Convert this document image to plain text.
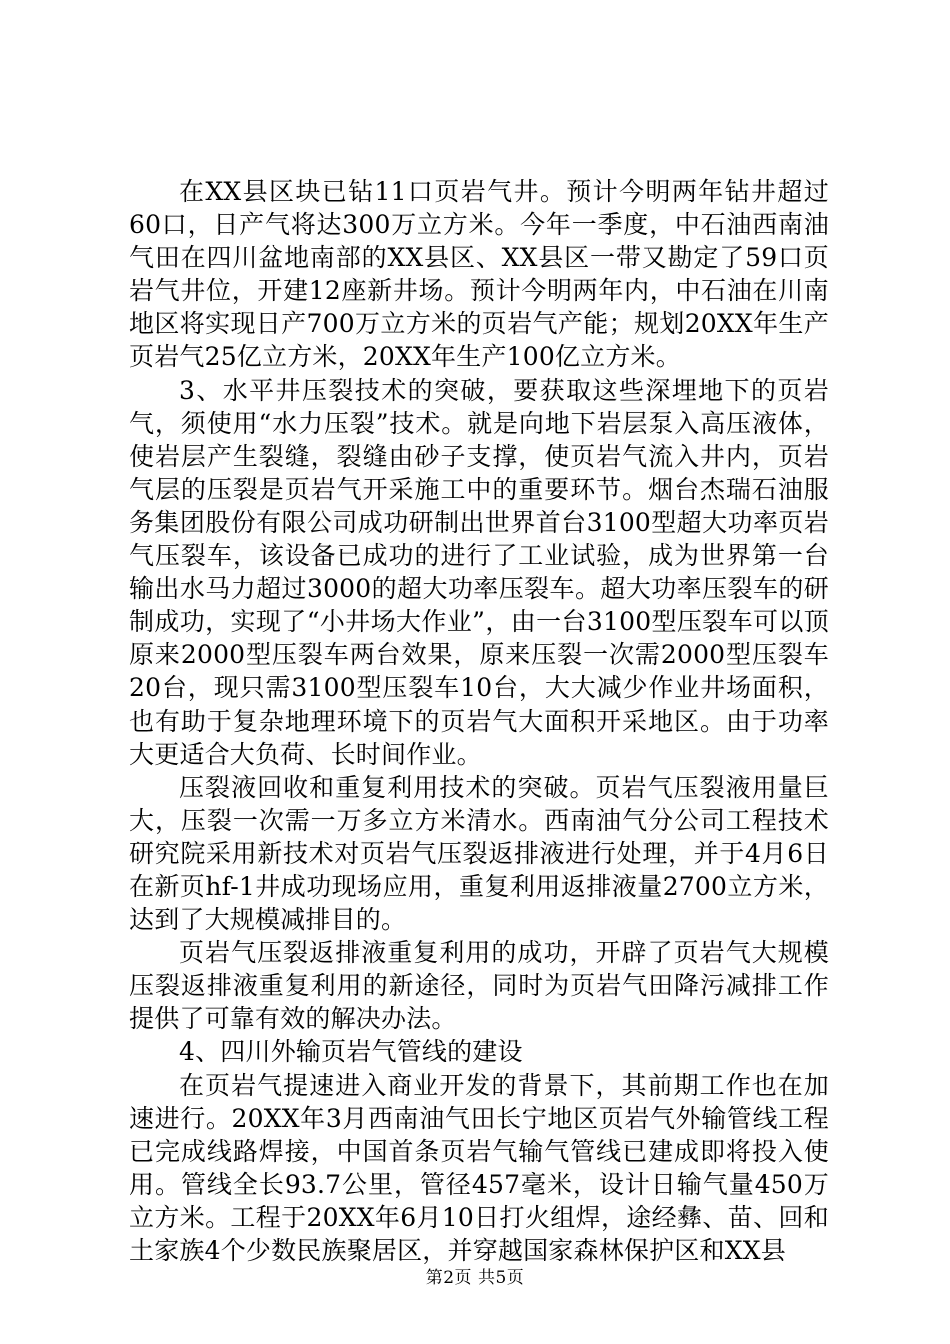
在XX县区块已钻11口页岩气井。预计今明两年钻井超过60口，日产气将达300万立方米。今年一季度，中石油西南油气田在四川盆地南部的XX县区、XX县区一带又勘定了59口页岩气井位，开建12座新井场。预计今明两年内，中石油在川南地区将实现日产700万立方米的页岩气产能；规划20XX年生产页岩气25亿立方米，20XX年生产100亿立方米。

3、水平井压裂技术的突破，要获取这些深埋地下的页岩气，须使用“水力压裂”技术。就是向地下岩层泵入高压液体，使岩层产生裂缝，裂缝由砂子支撑，使页岩气流入井内，页岩气层的压裂是页岩气开采施工中的重要环节。烟台杰瑞石油服务集团股份有限公司成功研制出世界首台3100型超大功率页岩气压裂车，该设备已成功的进行了工业试验，成为世界第一台输出水马力超过3000的超大功率压裂车。超大功率压裂车的研制成功，实现了“小井场大作业”，由一台3100型压裂车可以顶原来2000型压裂车两台效果，原来压裂一次需2000型压裂车20台，现只需3100型压裂车10台，大大减少作业井场面积，也有助于复杂地理环境下的页岩气大面积开采地区。由于功率大更适合大负荷、长时间作业。

压裂液回收和重复利用技术的突破。页岩气压裂液用量巨大，压裂一次需一万多立方米清水。西南油气分公司工程技术研究院采用新技术对页岩气压裂返排液进行处理，并于4月6日在新页hf-1井成功现场应用，重复利用返排液量2700立方米，达到了大规模减排目的。

页岩气压裂返排液重复利用的成功，开辟了页岩气大规模压裂返排液重复利用的新途径，同时为页岩气田降污减排工作提供了可靠有效的解决办法。

4、四川外输页岩气管线的建设

在页岩气提速进入商业开发的背景下，其前期工作也在加速进行。20XX年3月西南油气田长宁地区页岩气外输管线工程已完成线路焊接，中国首条页岩气输气管线已建成即将投入使用。管线全长93.7公里，管径457毫米，设计日输气量450万立方米。工程于20XX年6月10日打火组焊，途经彝、苗、回和土家族4个少数民族聚居区，并穿越国家森林保护区和XX县

第2页 共5页
